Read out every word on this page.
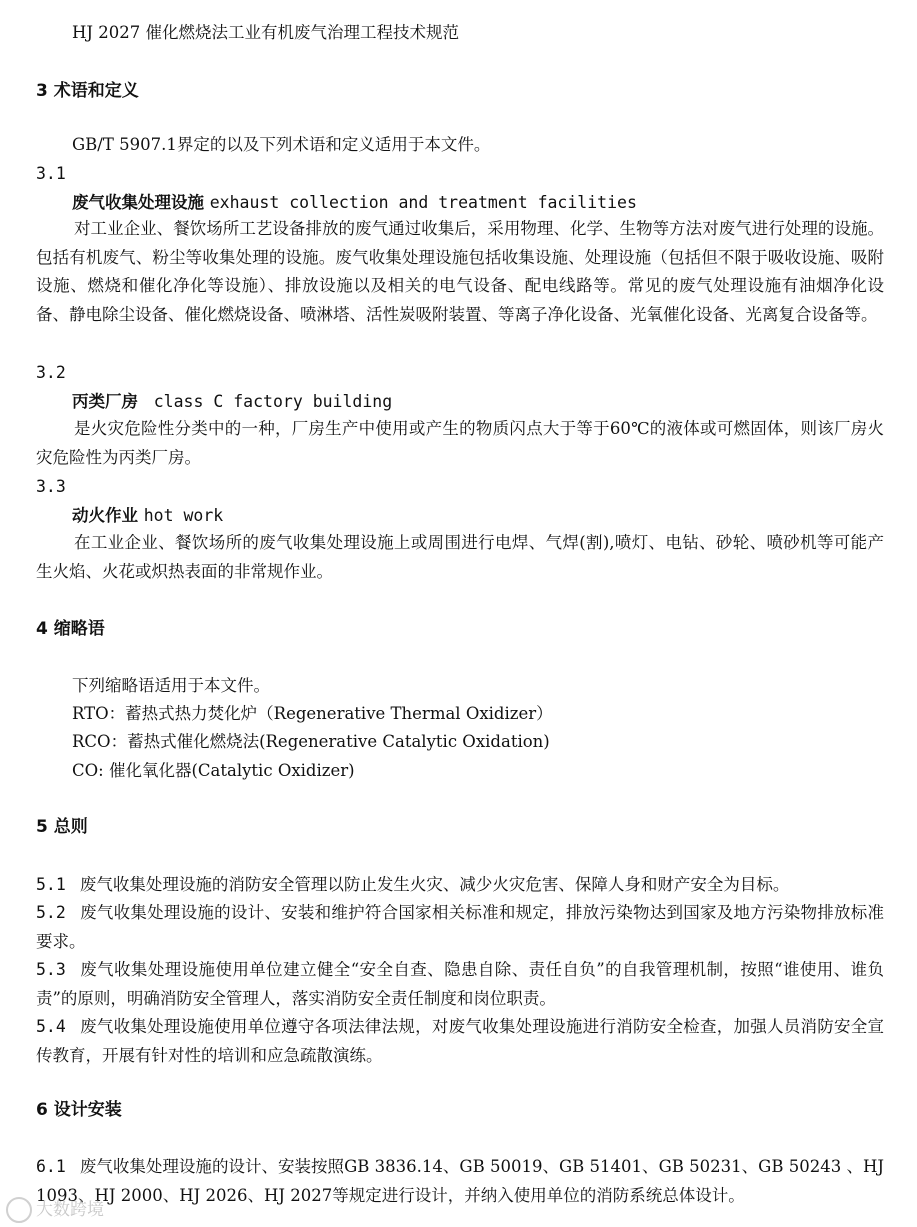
HJ 2027 催化燃烧法工业有机废气治理工程技术规范
3 术语和定义
GB/T 5907.1界定的以及下列术语和定义适用于本文件。
3.1
废气收集处理设施 exhaust collection and treatment facilities
对工业企业、餐饮场所工艺设备排放的废气通过收集后，采用物理、化学、生物等方法对废气进行处理的设施。包括有机废气、粉尘等收集处理的设施。废气收集处理设施包括收集设施、处理设施（包括但不限于吸收设施、吸附设施、燃烧和催化净化等设施）、排放设施以及相关的电气设备、配电线路等。常见的废气处理设施有油烟净化设备、静电除尘设备、催化燃烧设备、喷淋塔、活性炭吸附装置、等离子净化设备、光氧催化设备、光离复合设备等。
3.2
丙类厂房 class C factory building
是火灾危险性分类中的一种，厂房生产中使用或产生的物质闪点大于等于60℃的液体或可燃固体，则该厂房火灾危险性为丙类厂房。
3.3
动火作业 hot work
在工业企业、餐饮场所的废气收集处理设施上或周围进行电焊、气焊(割),喷灯、电钻、砂轮、喷砂机等可能产生火焰、火花或炽热表面的非常规作业。
4 缩略语
下列缩略语适用于本文件。
RTO：蓄热式热力焚化炉（Regenerative Thermal Oxidizer）
RCO：蓄热式催化燃烧法(Regenerative Catalytic Oxidation)
CO: 催化氧化器(Catalytic Oxidizer)
5 总则
5.1 废气收集处理设施的消防安全管理以防止发生火灾、减少火灾危害、保障人身和财产安全为目标。
5.2 废气收集处理设施的设计、安装和维护符合国家相关标准和规定，排放污染物达到国家及地方污染物排放标准要求。
5.3 废气收集处理设施使用单位建立健全“安全自查、隐患自除、责任自负”的自我管理机制，按照“谁使用、谁负责”的原则，明确消防安全管理人，落实消防安全责任制度和岗位职责。
5.4 废气收集处理设施使用单位遵守各项法律法规，对废气收集处理设施进行消防安全检查，加强人员消防安全宣传教育，开展有针对性的培训和应急疏散演练。
6 设计安装
6.1 废气收集处理设施的设计、安装按照GB 3836.14、GB 50019、GB 51401、GB 50231、GB 50243 、HJ 1093、HJ 2000、HJ 2026、HJ 2027等规定进行设计，并纳入使用单位的消防系统总体设计。
大数跨境
